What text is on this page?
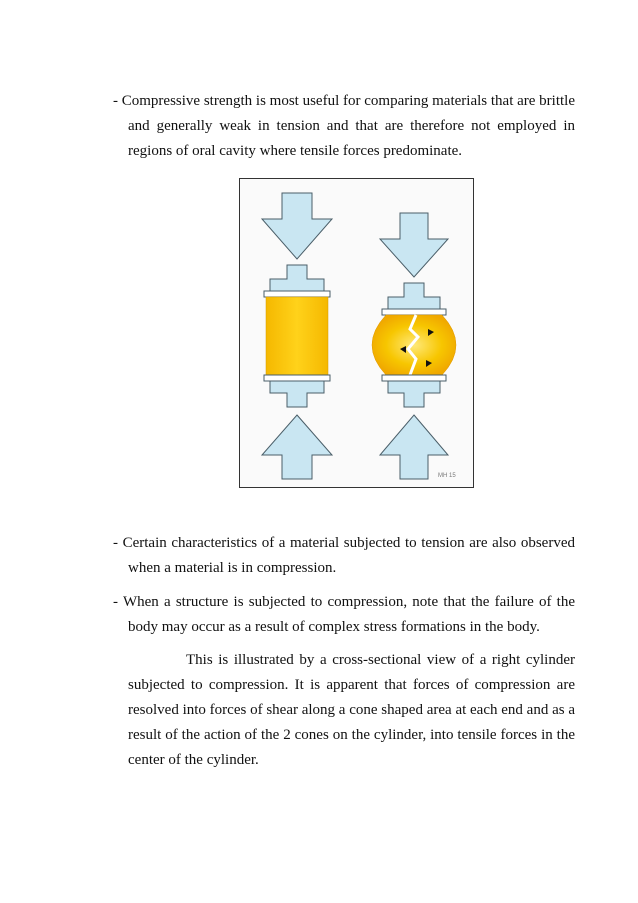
- Compressive strength is most useful for comparing materials that are brittle and generally weak in tension and that are therefore not employed in regions of oral cavity where tensile forces predominate.

MH 15

- Certain characteristics of a material subjected to tension are also observed when a material is in compression.

- When a structure is subjected to compression, note that the failure of the body may occur as a result of complex stress formations in the body.

This is illustrated by a cross-sectional view of a right cylinder subjected to compression. It is apparent that forces of compression are resolved into forces of shear along a cone shaped area at each end and as a result of the action of the 2 cones on the cylinder, into tensile forces in the center of the cylinder.
